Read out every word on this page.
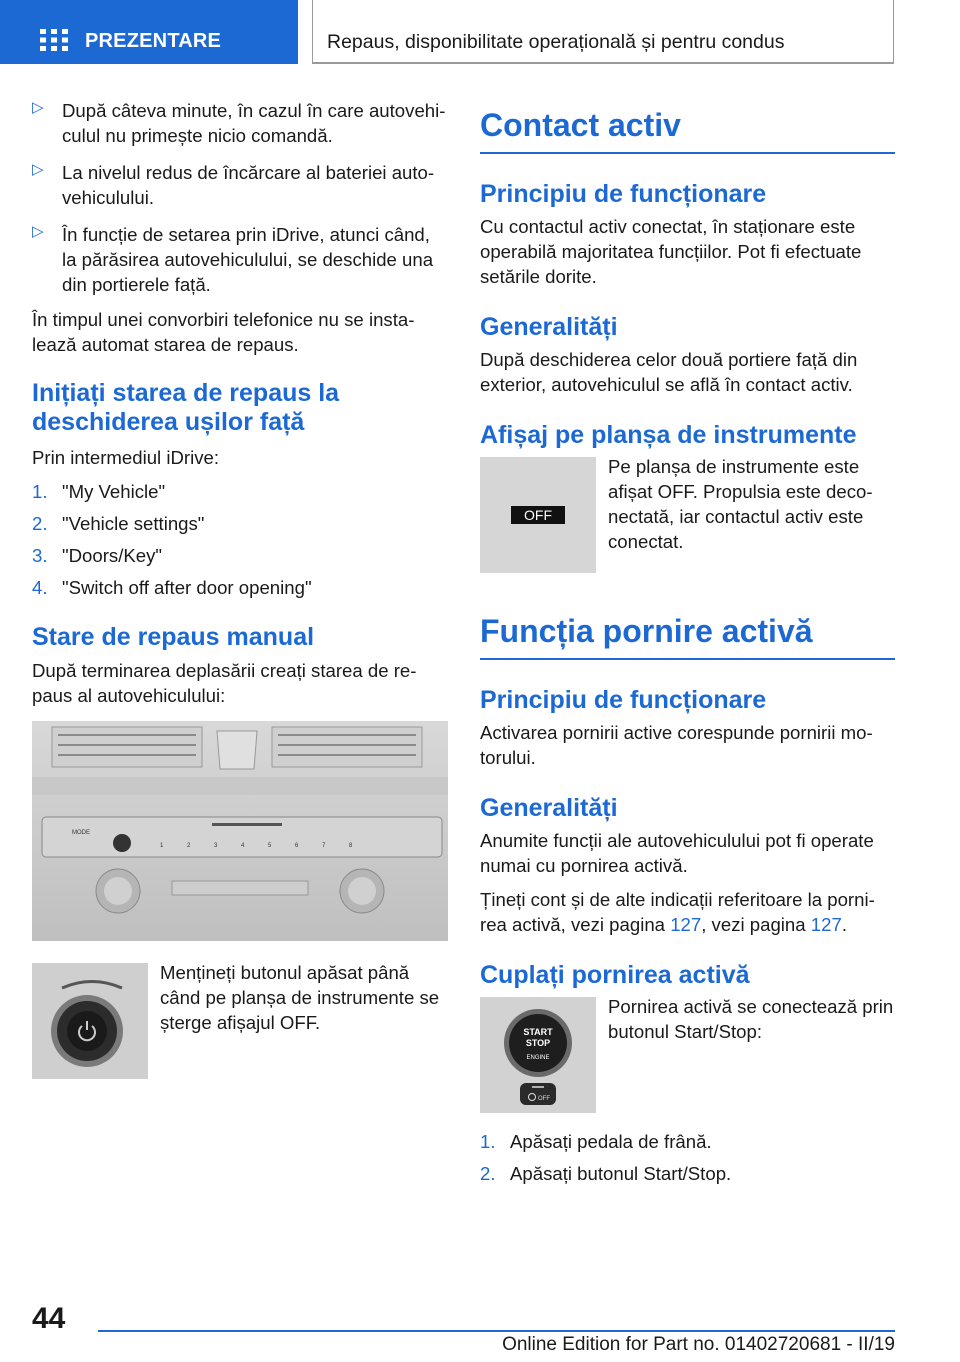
PREZENTARE	Repaus, disponibilitate operațională și pentru condus
▷ După câteva minute, în cazul în care autovehi-culul nu primește nicio comandă.

▷ La nivelul redus de încărcare al bateriei auto-vehiculului.

▷ În funcție de setarea prin iDrive, atunci când, la părăsirea autovehiculului, se deschide una din portierele față.

În timpul unei convorbiri telefonice nu se insta-lează automat starea de repaus.

Inițiați starea de repaus la deschiderea ușilor față

Prin intermediul iDrive:

1. "My Vehicle"
2. "Vehicle settings"
3. "Doors/Key"
4. "Switch off after door opening"
Stare de repaus manual

După terminarea deplasării creați starea de re-paus al autovehiculului:

MODE
1	2	3	4	5	6	7	8

Mențineți butonul apăsat până când pe planșa de instrumente se șterge afișajul OFF.

Contact activ
Principiu de funcționare

Cu contactul activ conectat, în staționare este operabilă majoritatea funcțiilor. Pot fi efectuate setările dorite.

Generalități

După deschiderea celor două portiere față din exterior, autovehiculul se află în contact activ.

Afișaj pe planșa de instrumente
OFF

Pe planșa de instrumente este afișat OFF. Propulsia este deco-nectată, iar contactul activ este conectat.

Funcția pornire activă
Principiu de funcționare

Activarea pornirii active corespunde pornirii mo-torului.

Generalități

Anumite funcții ale autovehiculului pot fi operate numai cu pornirea activă.

Țineți cont și de alte indicații referitoare la porni-rea activă, vezi pagina 127, vezi pagina 127.

Cuplați pornirea activă
START
STOP
ENGINE
OFF

Pornirea activă se conectează prin butonul Start/Stop:

1. Apăsați pedala de frână.
2. Apăsați butonul Start/Stop.
44
Online Edition for Part no. 01402720681 - II/19
